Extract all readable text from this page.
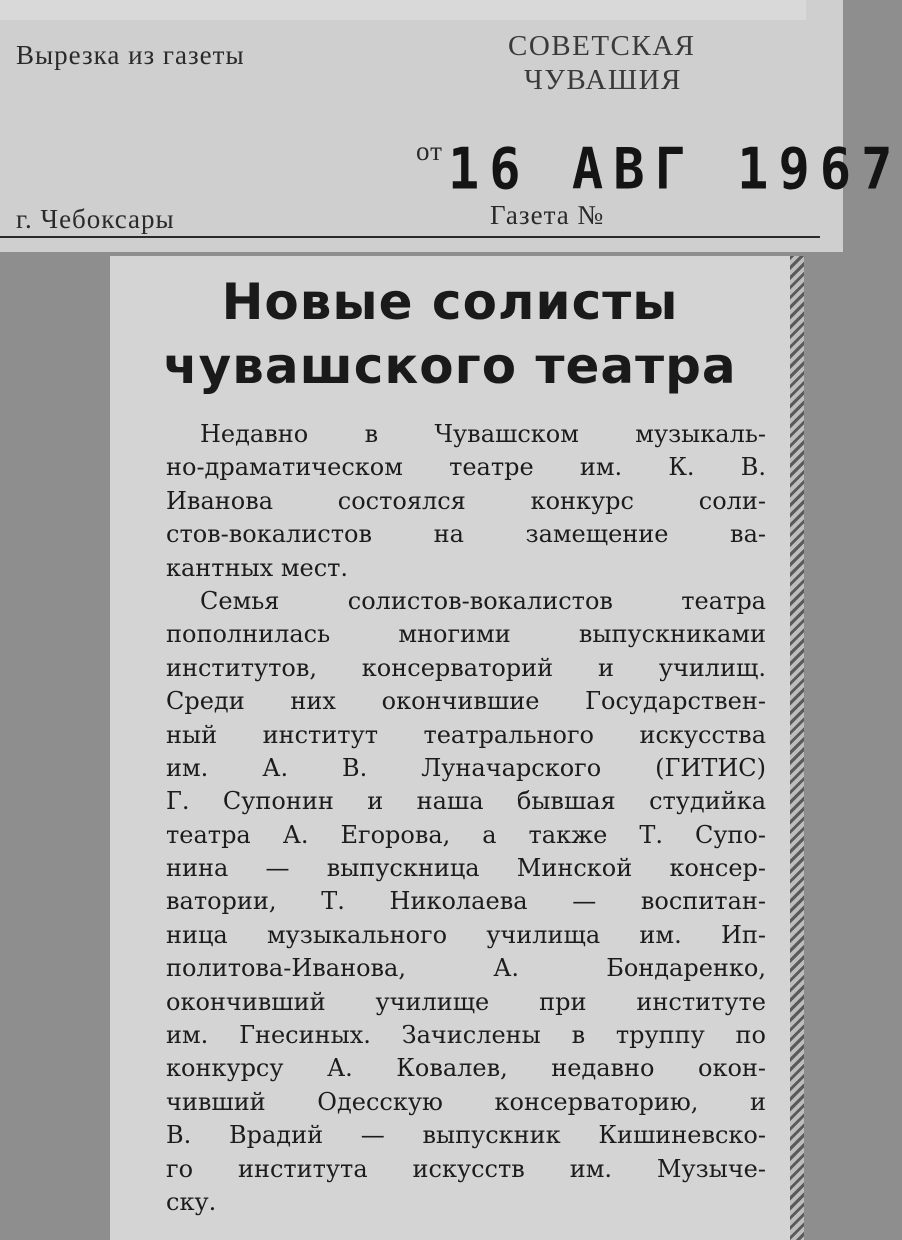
Вырезка из газеты	СОВЕТСКАЯ
ЧУВАШИЯ
от 16 АВГ 1967
г. Чебоксары	Газета №
Новые солисты
чувашского театра
Недавно в Чувашском музыкаль-
но-драматическом театре им. К. В.
Иванова состоялся конкурс соли-
стов-вокалистов на замещение ва-
кантных мест.
Семья солистов-вокалистов театра
пополнилась многими выпускниками
институтов, консерваторий и училищ.
Среди них окончившие Государствен-
ный институт театрального искусства
им. А. В. Луначарского (ГИТИС)
Г. Супонин и наша бывшая студийка
театра А. Егорова, а также Т. Супо-
нина — выпускница Минской консер-
ватории, Т. Николаева — воспитан-
ница музыкального училища им. Ип-
политова-Иванова, А. Бондаренко,
окончивший училище при институте
им. Гнесиных. Зачислены в труппу по
конкурсу А. Ковалев, недавно окон-
чивший Одесскую консерваторию, и
В. Врадий — выпускник Кишиневско-
го института искусств им. Музыче-
ску.
